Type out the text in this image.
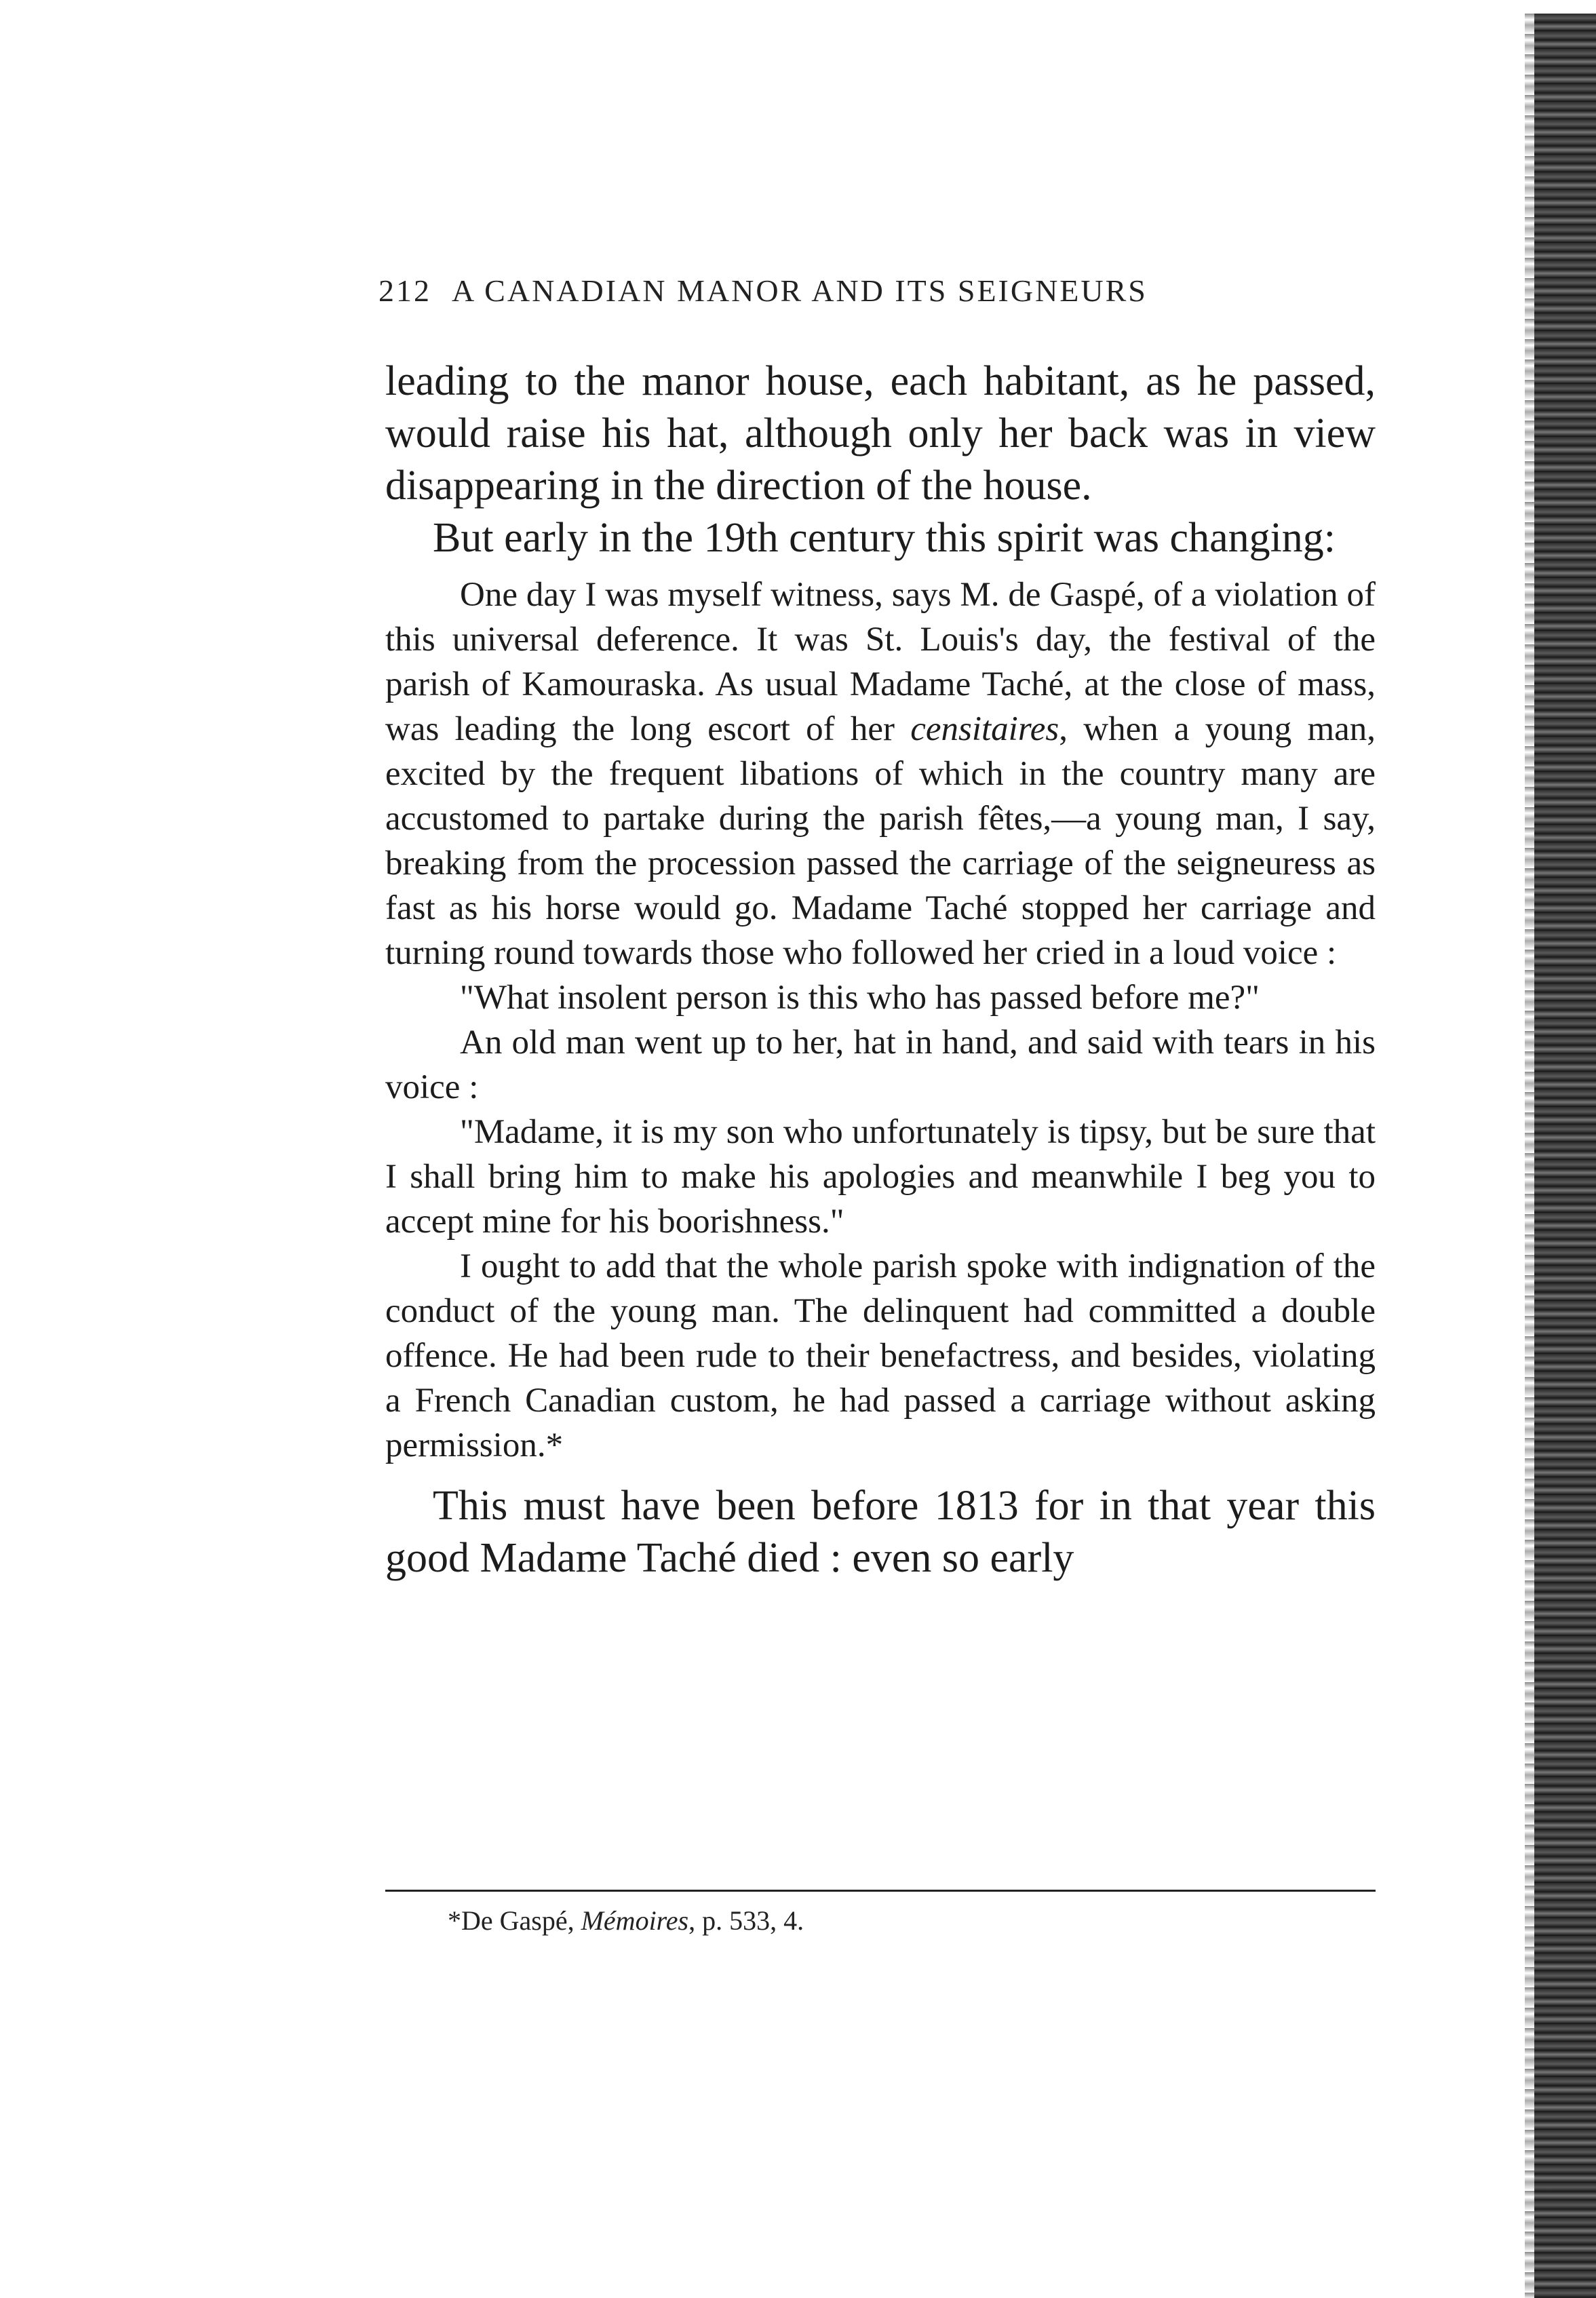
212 A CANADIAN MANOR AND ITS SEIGNEURS

leading to the manor house, each habitant, as he passed, would raise his hat, although only her back was in view disappearing in the direction of the house.

But early in the 19th century this spirit was changing:

One day I was myself witness, says M. de Gaspé, of a violation of this universal deference. It was St. Louis's day, the festival of the parish of Kamouraska. As usual Madame Taché, at the close of mass, was leading the long escort of her censitaires, when a young man, excited by the frequent libations of which in the country many are accustomed to partake during the parish fêtes,—a young man, I say, breaking from the procession passed the carriage of the seigneuress as fast as his horse would go. Madame Taché stopped her carriage and turning round towards those who followed her cried in a loud voice :

"What insolent person is this who has passed before me?"

An old man went up to her, hat in hand, and said with tears in his voice :

"Madame, it is my son who unfortunately is tipsy, but be sure that I shall bring him to make his apologies and meanwhile I beg you to accept mine for his boorishness."

I ought to add that the whole parish spoke with indignation of the conduct of the young man. The delinquent had committed a double offence. He had been rude to their benefactress, and besides, violating a French Canadian custom, he had passed a carriage without asking permission.*

This must have been before 1813 for in that year this good Madame Taché died : even so early

*De Gaspé, Mémoires, p. 533, 4.
